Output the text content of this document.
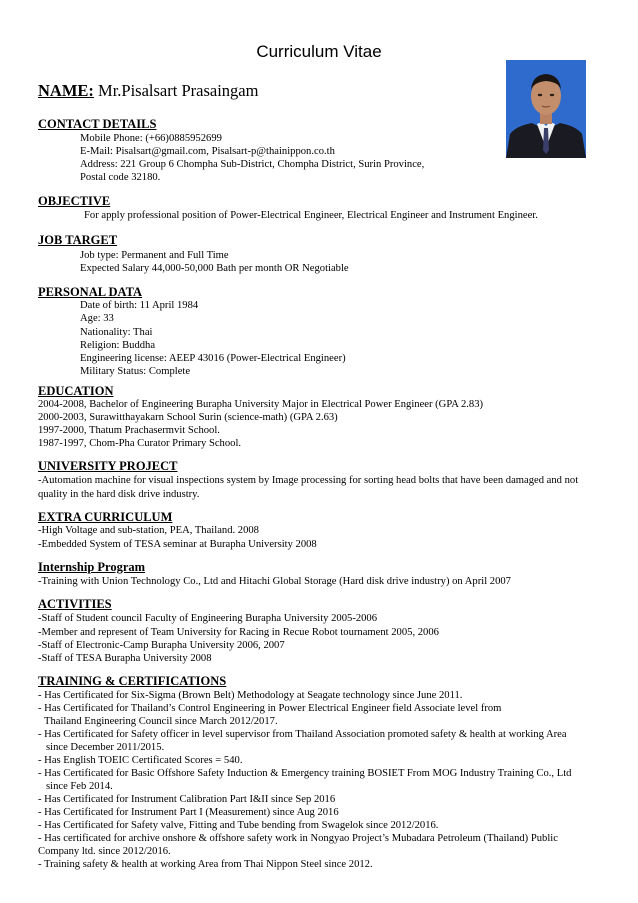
Curriculum Vitae
NAME: Mr.Pisalsart Prasaingam
CONTACT DETAILS
Mobile Phone: (+66)0885952699
E-Mail: Pisalsart@gmail.com, Pisalsart-p@thainippon.co.th
Address: 221 Group 6 Chompha Sub-District, Chompha District, Surin Province,
Postal code 32180.
OBJECTIVE
For apply professional position of Power-Electrical Engineer, Electrical Engineer and Instrument Engineer.
JOB TARGET
Job type: Permanent and Full Time
Expected Salary 44,000-50,000 Bath per month OR Negotiable
PERSONAL DATA
Date of birth: 11 April 1984
Age: 33
Nationality: Thai
Religion: Buddha
Engineering license: AEEP 43016 (Power-Electrical Engineer)
Military Status: Complete
EDUCATION
2004-2008, Bachelor of Engineering Burapha University Major in Electrical Power Engineer (GPA 2.83)
2000-2003, Surawitthayakarn School Surin (science-math) (GPA 2.63)
1997-2000, Thatum Prachasermvit School.
1987-1997, Chom-Pha Curator Primary School.
UNIVERSITY PROJECT
-Automation machine for visual inspections system by Image processing for sorting head bolts that have been damaged and not
quality in the hard disk drive industry.
EXTRA CURRICULUM
-High Voltage and sub-station, PEA, Thailand. 2008
-Embedded System of TESA seminar at Burapha University 2008
Internship Program
-Training with Union Technology Co., Ltd and Hitachi Global Storage (Hard disk drive industry) on April 2007
ACTIVITIES
-Staff of Student council Faculty of Engineering Burapha University 2005-2006
-Member and represent of Team University for Racing in Recue Robot tournament 2005, 2006
-Staff of Electronic-Camp Burapha University 2006, 2007
-Staff of TESA Burapha University 2008
TRAINING & CERTIFICATIONS
- Has Certificated for Six-Sigma (Brown Belt) Methodology at Seagate technology since June 2011.
- Has Certificated for Thailand’s Control Engineering in Power Electrical Engineer field Associate level from
Thailand Engineering Council since March 2012/2017.
- Has Certificated for Safety officer in level supervisor from Thailand Association promoted safety & health at working Area
since December 2011/2015.
- Has English TOEIC Certificated Scores = 540.
- Has Certificated for Basic Offshore Safety Induction & Emergency training BOSIET From MOG Industry Training Co., Ltd
since Feb 2014.
- Has Certificated for Instrument Calibration Part I&II since Sep 2016
- Has Certificated for Instrument Part I (Measurement) since Aug 2016
- Has Certificated for Safety valve, Fitting and Tube bending from Swagelok since 2012/2016.
- Has certificated for archive onshore & offshore safety work in Nongyao Project’s Mubadara Petroleum (Thailand) Public
Company ltd. since 2012/2016.
- Training safety & health at working Area from Thai Nippon Steel since 2012.
